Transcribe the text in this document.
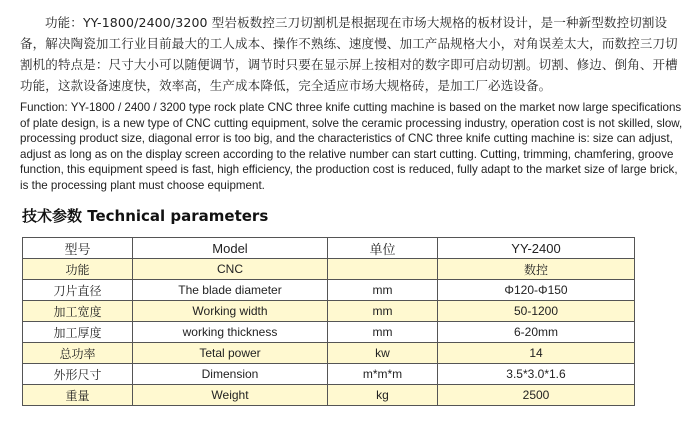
功能：YY-1800/2400/3200 型岩板数控三刀切割机是根据现在市场大规格的板材设计，是一种新型数控切割设备，解决陶瓷加工行业目前最大的工人成本、操作不熟练、速度慢、加工产品规格大小，对角误差太大，而数控三刀切割机的特点是：尺寸大小可以随便调节，调节时只要在显示屏上按相对的数字即可启动切割。切割、修边、倒角、开槽功能，这款设备速度快，效率高，生产成本降低，完全适应市场大规格砖，是加工厂必选设备。

Function: YY-1800 / 2400 / 3200 type rock plate CNC three knife cutting machine is based on the market now large specifications of plate design, is a new type of CNC cutting equipment, solve the ceramic processing industry, operation cost is not skilled, slow, processing product size, diagonal error is too big, and the characteristics of CNC three knife cutting machine is: size can adjust, adjust as long as on the display screen according to the relative number can start cutting. Cutting, trimming, chamfering, groove function, this equipment speed is fast, high efficiency, the production cost is reduced, fully adapt to the market size of large brick, is the processing plant must choose equipment.

技术参数 Technical parameters
型号	Model	单位	YY-2400
功能	CNC		数控
刀片直径	The blade diameter	mm	Φ120-Φ150
加工宽度	Working width	mm	50-1200
加工厚度	working thickness	mm	6-20mm
总功率	Tetal power	kw	14
外形尺寸	Dimension	m*m*m	3.5*3.0*1.6
重量	Weight	kg	2500
